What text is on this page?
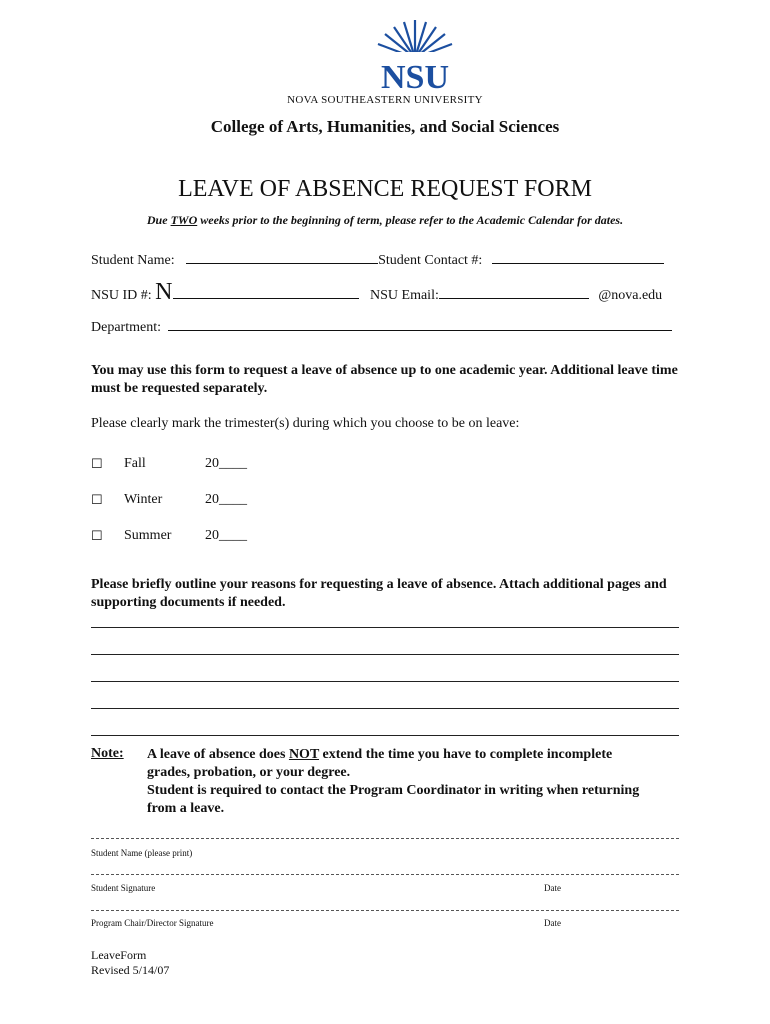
NSU
NOVA SOUTHEASTERN UNIVERSITY
College of Arts, Humanities, and Social Sciences
LEAVE OF ABSENCE REQUEST FORM
Due TWO weeks prior to the beginning of term, please refer to the Academic Calendar for dates.
Student Name:	Student Contact #:
NSU ID #: N	NSU Email:	@nova.edu
Department:
You may use this form to request a leave of absence up to one academic year. Additional leave time must be requested separately.
Please clearly mark the trimester(s) during which you choose to be on leave:
☐ Fall	20____
☐ Winter	20____
☐ Summer 20____
Please briefly outline your reasons for requesting a leave of absence. Attach additional pages and supporting documents if needed.
Note: A leave of absence does NOT extend the time you have to complete incomplete
grades, probation, or your degree.
Student is required to contact the Program Coordinator in writing when returning
from a leave.
Student Name (please print)
Student Signature	Date
Program Chair/Director Signature	Date
LeaveForm
Revised 5/14/07
